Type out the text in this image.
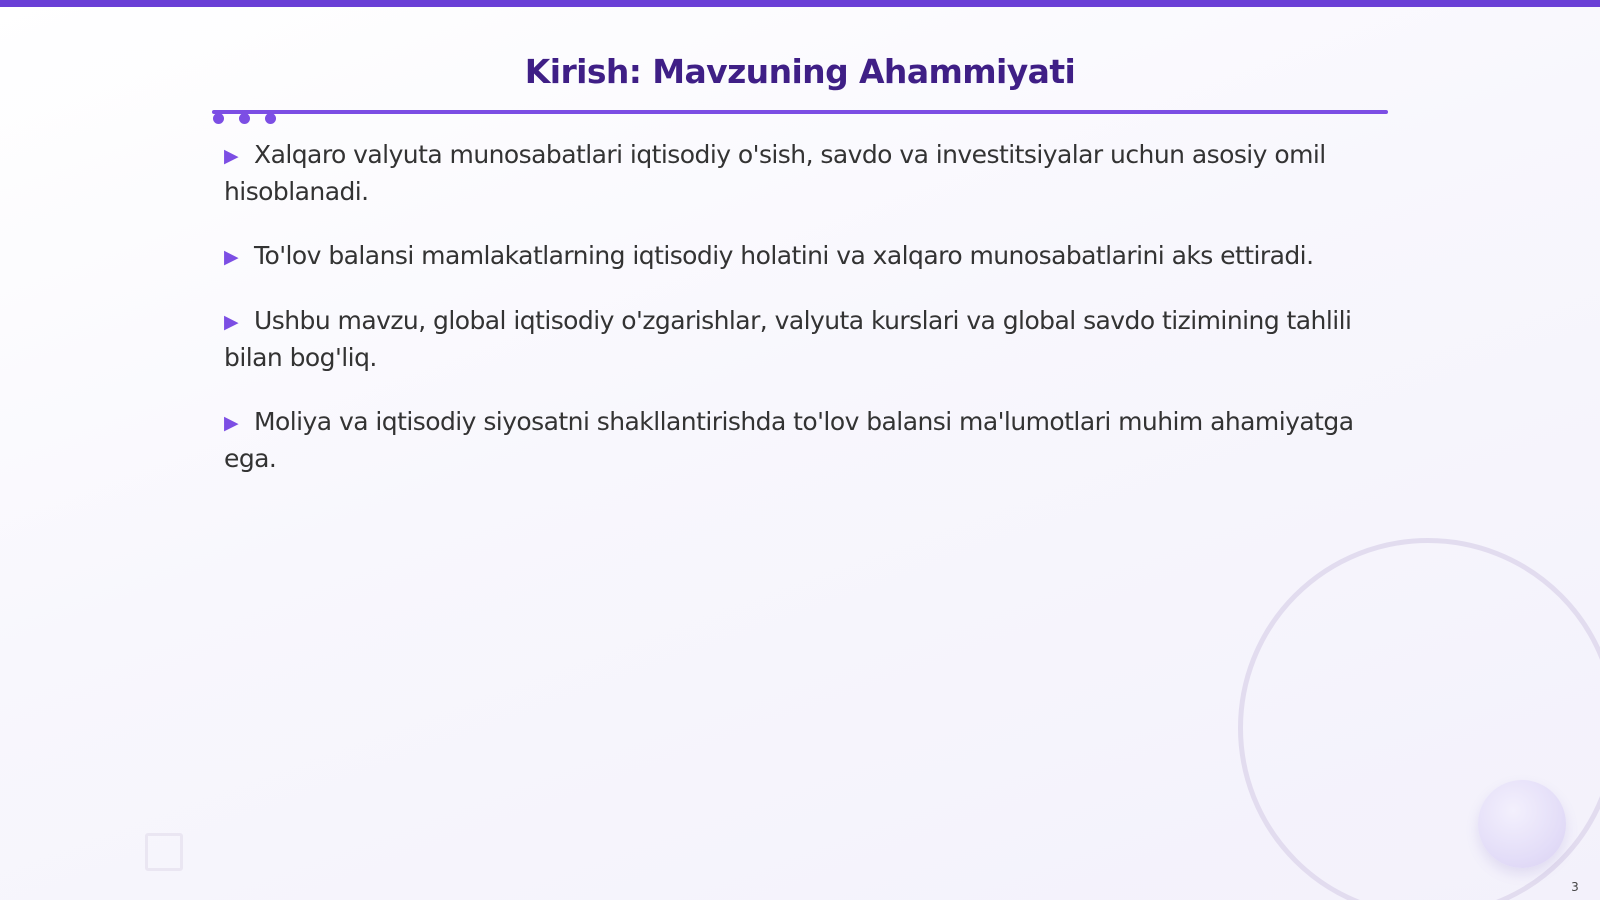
Kirish: Mavzuning Ahammiyati
▶ Xalqaro valyuta munosabatlari iqtisodiy o'sish, savdo va investitsiyalar uchun asosiy omil hisoblanadi.
▶ To'lov balansi mamlakatlarning iqtisodiy holatini va xalqaro munosabatlarini aks ettiradi.
▶ Ushbu mavzu, global iqtisodiy o'zgarishlar, valyuta kurslari va global savdo tizimining tahlili bilan bog'liq.
▶ Moliya va iqtisodiy siyosatni shakllantirishda to'lov balansi ma'lumotlari muhim ahamiyatga ega.
3
